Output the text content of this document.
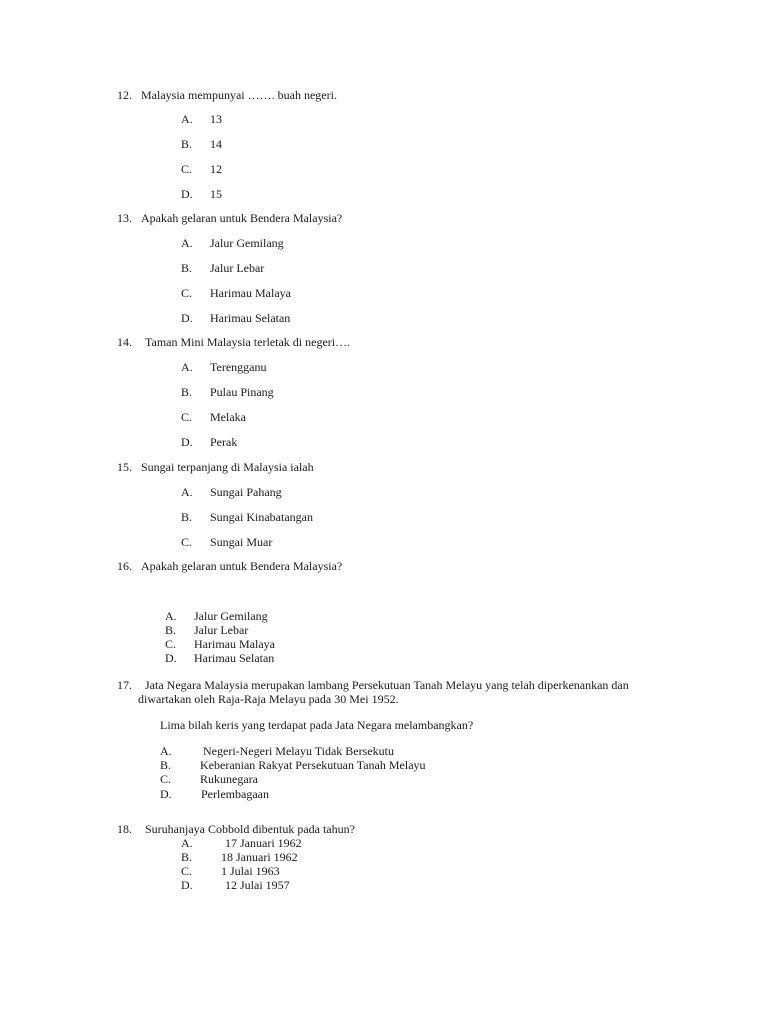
12. Malaysia mempunyai ……. buah negeri.
A. 13
B. 14
C. 12
D. 15
13. Apakah gelaran untuk Bendera Malaysia?
A. Jalur Gemilang
B. Jalur Lebar
C. Harimau Malaya
D. Harimau Selatan
14. Taman Mini Malaysia terletak di negeri….
A. Terengganu
B. Pulau Pinang
C. Melaka
D. Perak
15. Sungai terpanjang di Malaysia ialah
A. Sungai Pahang
B. Sungai Kinabatangan
C. Sungai Muar
16. Apakah gelaran untuk Bendera Malaysia?
A. Jalur Gemilang
B. Jalur Lebar
C. Harimau Malaya
D. Harimau Selatan
17. Jata Negara Malaysia merupakan lambang Persekutuan Tanah Melayu yang telah diperkenankan dan
diwartakan oleh Raja-Raja Melayu pada 30 Mei 1952.
Lima bilah keris yang terdapat pada Jata Negara melambangkan?
A.	Negeri-Negeri Melayu Tidak Bersekutu
B. Keberanian Rakyat Persekutuan Tanah Melayu
C. Rukunegara
D. Perlembagaan
18. Suruhanjaya Cobbold dibentuk pada tahun?
A.	17 Januari 1962
B. 18 Januari 1962
C. 1 Julai 1963
D.	12 Julai 1957
